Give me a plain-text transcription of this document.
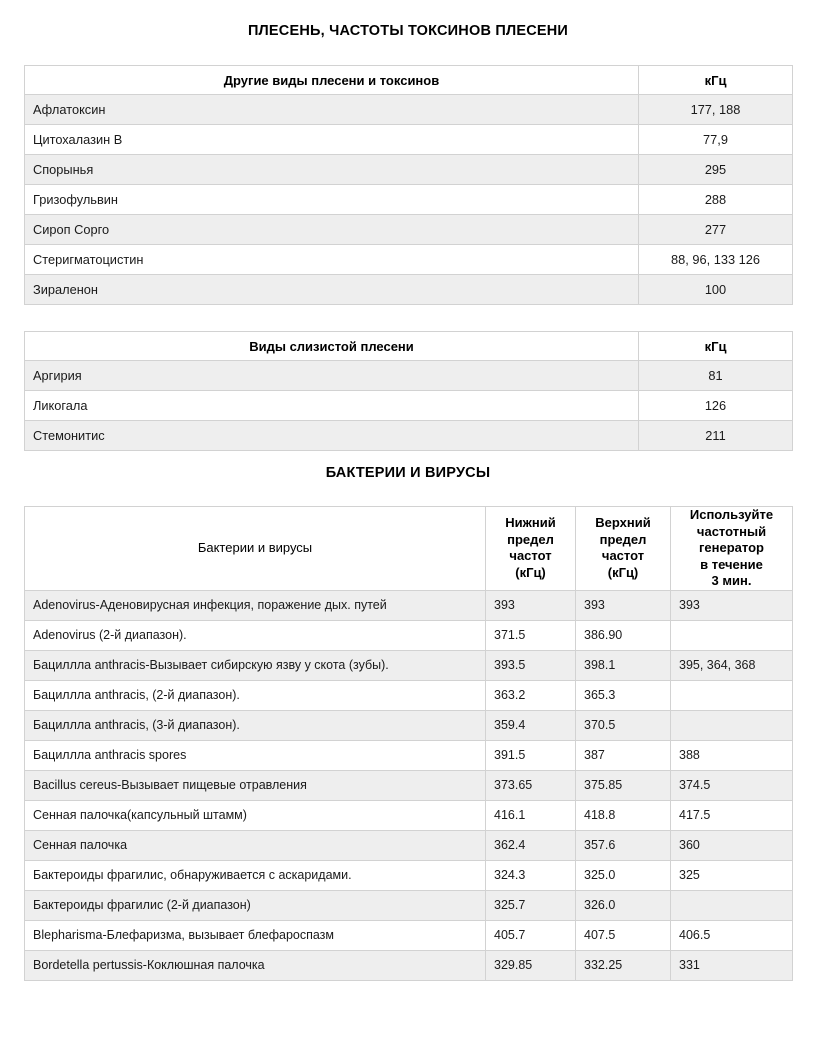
ПЛЕСЕНЬ, ЧАСТОТЫ ТОКСИНОВ ПЛЕСЕНИ
Другие виды плесени и токсинов	кГц
Афлатоксин	177, 188
Цитохалазин В	77,9
Спорынья	295
Гризофульвин	288
Сироп Сорго	277
Стеригматоцистин	88, 96, 133 126
Зираленон	100
Виды слизистой плесени	кГц
Аргирия	81
Ликогала	126
Стемонитис	211
БАКТЕРИИ И ВИРУСЫ
Бактерии и вирусы	Нижний
предел
частот
(кГц)	Верхний
предел
частот
(кГц)	Используйте
частотный
генератор
в течение
3 мин.

Adenovirus-Аденовирусная инфекция, поражение дых. путей	393	393	393
Adenovirus (2-й диапазон).	371.5	386.90	
Бациллла anthracis-Вызывает сибирскую язву у скота (зубы).	393.5	398.1	395, 364, 368
Бациллла anthracis, (2-й диапазон).	363.2	365.3	
Бациллла anthracis, (3-й диапазон).	359.4	370.5	
Бациллла anthracis spores	391.5	387	388
Bacillus cereus-Вызывает пищевые отравления	373.65	375.85	374.5
Сенная палочка(капсульный штамм)	416.1	418.8	417.5
Сенная палочка	362.4	357.6	360
Бактероиды фрагилис, обнаруживается с аскаридами.	324.3	325.0	325
Бактероиды фрагилис (2-й диапазон)	325.7	326.0	
Blepharisma-Блефаризма, вызывает блефароспазм	405.7	407.5	406.5
Bordetella pertussis-Коклюшная палочка	329.85	332.25	331
